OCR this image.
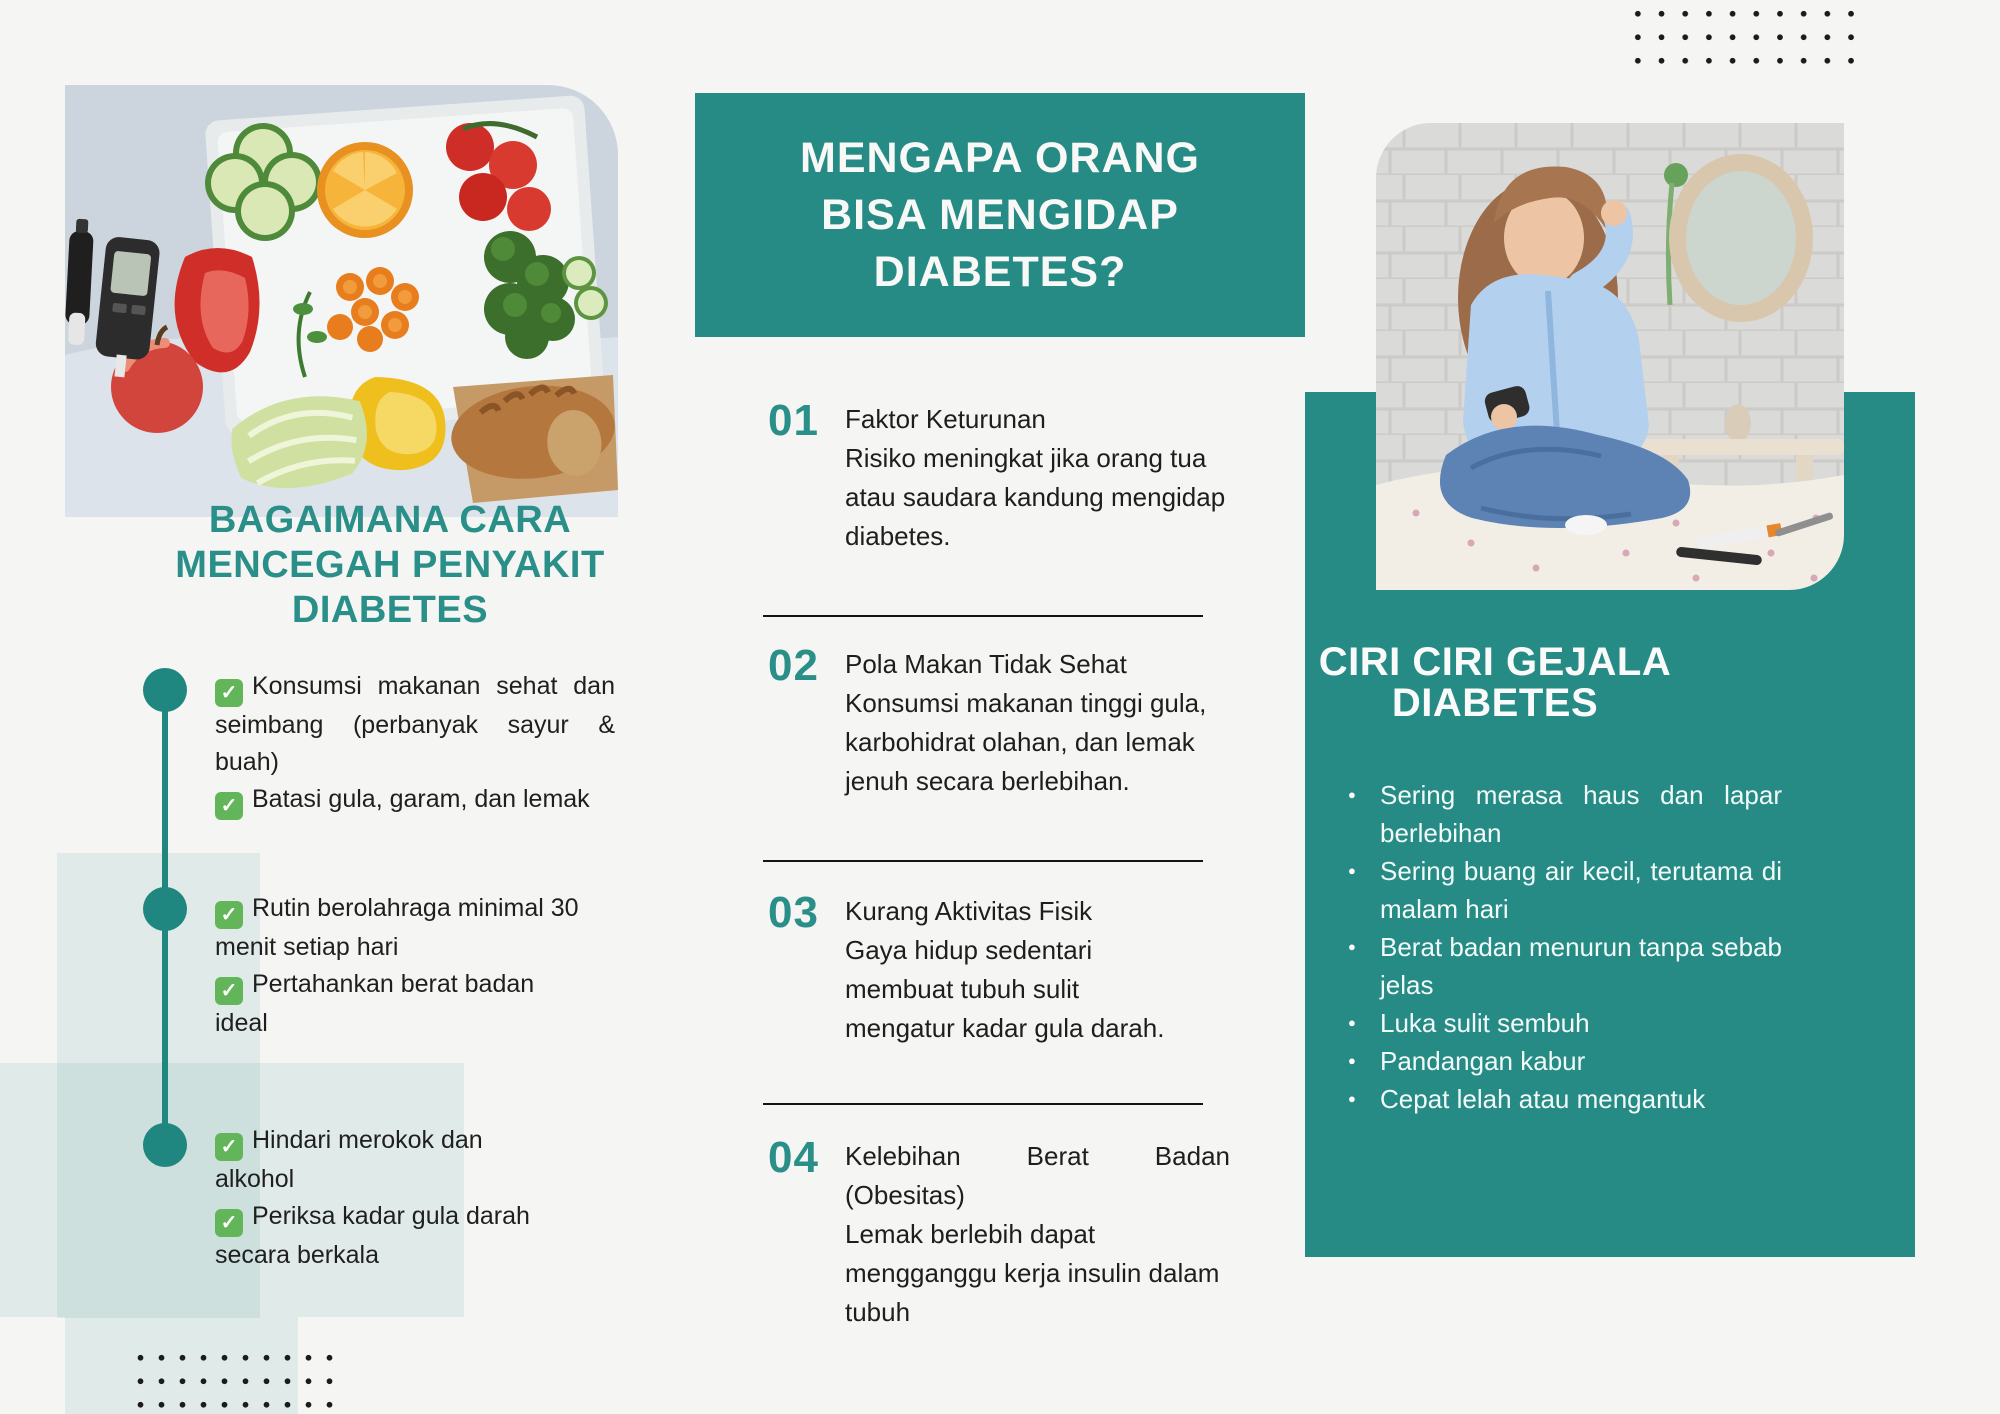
BAGAIMANA CARA
MENCEGAH PENYAKIT
DIABETES

✓ Konsumsi makanan sehat dan seimbang (perbanyak sayur & buah)

✓ Batasi gula, garam, dan lemak

✓ Rutin berolahraga minimal 30 menit setiap hari

✓ Pertahankan berat badan ideal

✓ Hindari merokok dan alkohol

✓ Periksa kadar gula darah secara berkala

MENGAPA ORANG
BISA MENGIDAP
DIABETES?
01	Faktor Keturunan
Risiko meningkat jika orang tua atau saudara kandung mengidap diabetes.
02	Pola Makan Tidak Sehat
Konsumsi makanan tinggi gula, karbohidrat olahan, dan lemak jenuh secara berlebihan.
03	Kurang Aktivitas Fisik
Gaya hidup sedentari membuat tubuh sulit mengatur kadar gula darah.
04	Kelebihan Berat Badan
(Obesitas)
Lemak berlebih dapat mengganggu kerja insulin dalam tubuh
CIRI CIRI GEJALA
DIABETES
● Sering merasa haus dan lapar berlebihan
● Sering buang air kecil, terutama di malam hari
● Berat badan menurun tanpa sebab jelas
● Luka sulit sembuh
● Pandangan kabur
● Cepat lelah atau mengantuk
